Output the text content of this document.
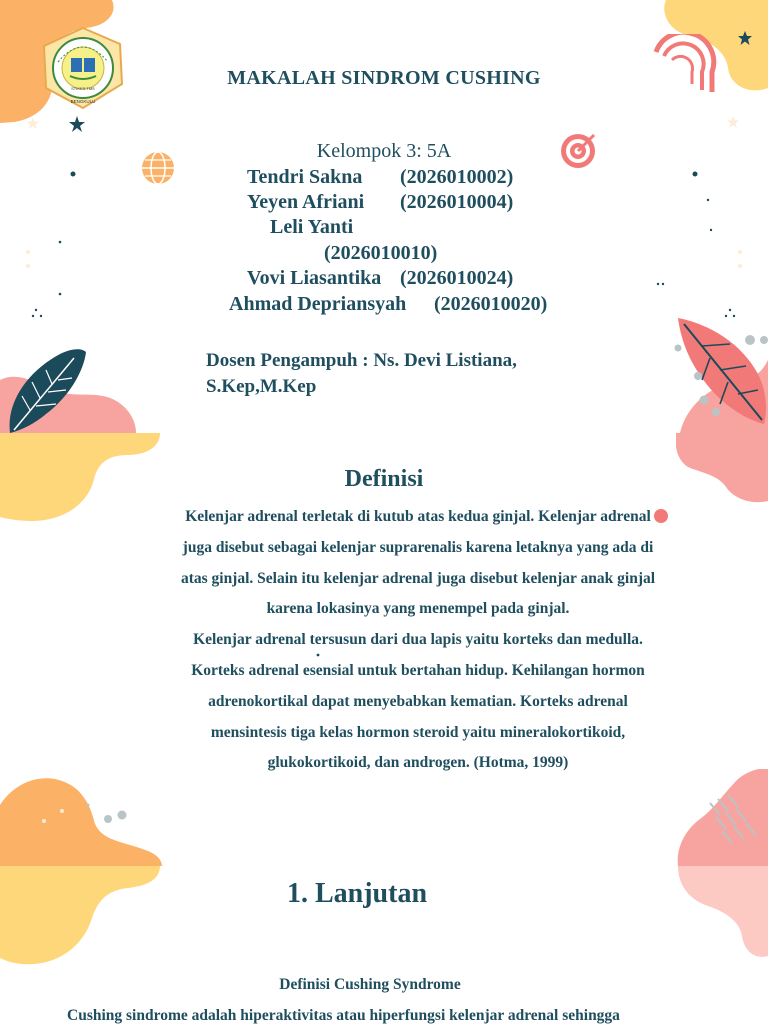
STIKES TMS
BENGKULU
MAKALAH SINDROM CUSHING
Kelompok 3: 5A
Tendri Sakna (2026010002)
Yeyen Afriani (2026010004)
Leli Yanti
(2026010010)
Vovi Liasantika (2026010024)
Ahmad Depriansyah (2026010020)
Dosen Pengampuh : Ns. Devi Listiana,
S.Kep,M.Kep
Definisi
Kelenjar adrenal terletak di kutub atas kedua ginjal. Kelenjar adrenal
juga disebut sebagai kelenjar suprarenalis karena letaknya yang ada di
atas ginjal. Selain itu kelenjar adrenal juga disebut kelenjar anak ginjal
karena lokasinya yang menempel pada ginjal.
Kelenjar adrenal tersusun dari dua lapis yaitu korteks dan medulla.
Korteks adrenal esensial untuk bertahan hidup. Kehilangan hormon
adrenokortikal dapat menyebabkan kematian. Korteks adrenal
mensintesis tiga kelas hormon steroid yaitu mineralokortikoid,
glukokortikoid, dan androgen. (Hotma, 1999)
1. Lanjutan
Definisi Cushing Syndrome
Cushing sindrome adalah hiperaktivitas atau hiperfungsi kelenjar adrenal sehingga
